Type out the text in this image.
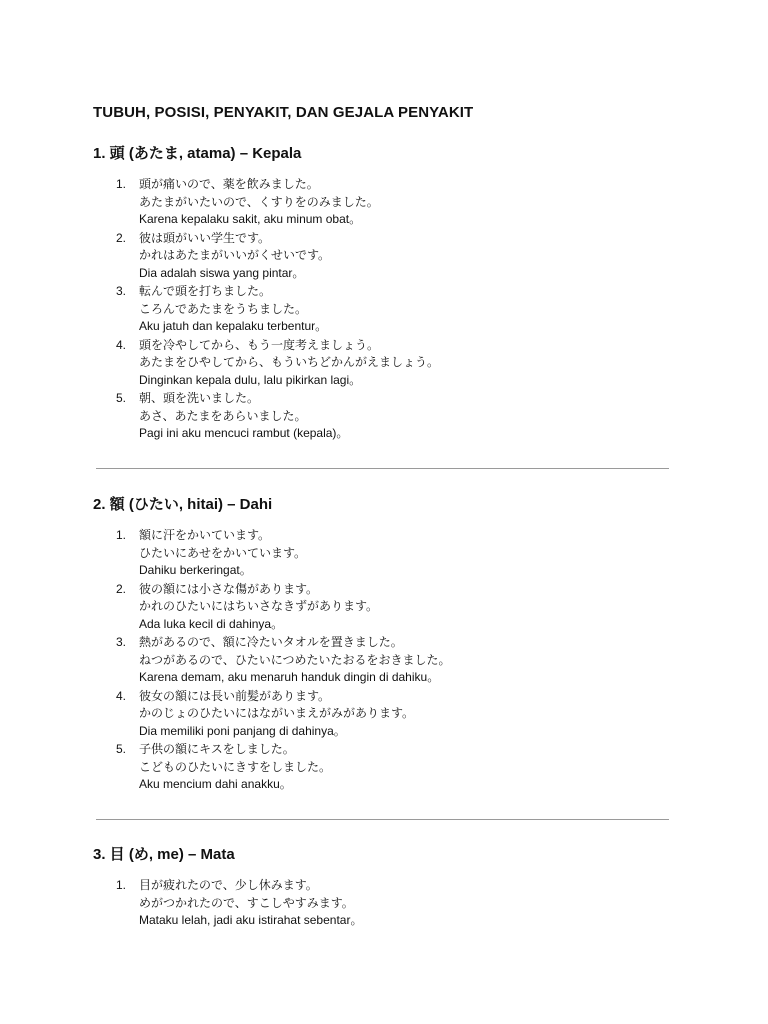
TUBUH, POSISI, PENYAKIT, DAN GEJALA PENYAKIT
1. 頭 (あたま, atama) – Kepala
1. 頭が痛いので、薬を飲みました。
あたまがいたいので、くすりをのみました。
Karena kepalaku sakit, aku minum obat。
2. 彼は頭がいい学生です。
かれはあたまがいいがくせいです。
Dia adalah siswa yang pintar。
3. 転んで頭を打ちました。
ころんであたまをうちました。
Aku jatuh dan kepalaku terbentur。
4. 頭を冷やしてから、もう一度考えましょう。
あたまをひやしてから、もういちどかんがえましょう。
Dinginkan kepala dulu, lalu pikirkan lagi。
5. 朝、頭を洗いました。
あさ、あたまをあらいました。
Pagi ini aku mencuci rambut (kepala)。
2. 額 (ひたい, hitai) – Dahi
1. 額に汗をかいています。
ひたいにあせをかいています。
Dahiku berkeringat。
2. 彼の額には小さな傷があります。
かれのひたいにはちいさなきずがあります。
Ada luka kecil di dahinya。
3. 熱があるので、額に冷たいタオルを置きました。
ねつがあるので、ひたいにつめたいたおるをおきました。
Karena demam, aku menaruh handuk dingin di dahiku。
4. 彼女の額には長い前髪があります。
かのじょのひたいにはながいまえがみがあります。
Dia memiliki poni panjang di dahinya。
5. 子供の額にキスをしました。
こどものひたいにきすをしました。
Aku mencium dahi anakku。
3. 目 (め, me) – Mata
1. 目が疲れたので、少し休みます。
めがつかれたので、すこしやすみます。
Mataku lelah, jadi aku istirahat sebentar。
